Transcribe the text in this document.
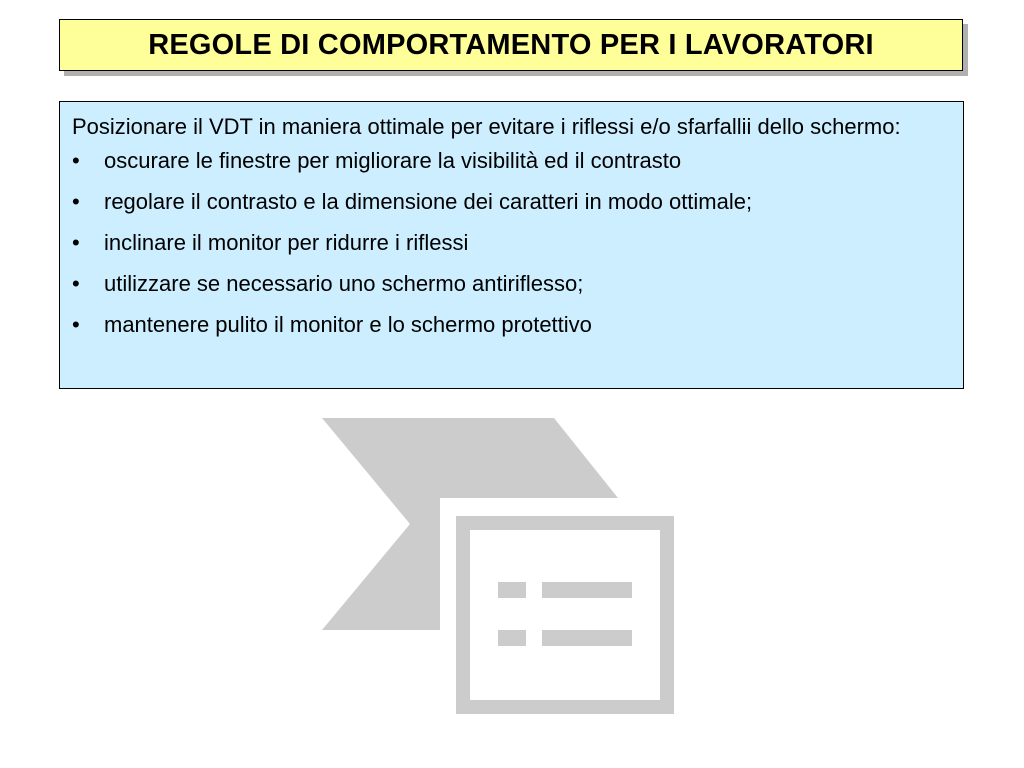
REGOLE DI COMPORTAMENTO PER I LAVORATORI

Posizionare il VDT in maniera ottimale per evitare i riflessi e/o sfarfallii dello schermo:

•	oscurare le finestre per migliorare la visibilità ed il contrasto
•	regolare il contrasto e la dimensione dei caratteri in modo ottimale;
•	inclinare il monitor per ridurre i riflessi
•	utilizzare se necessario uno schermo antiriflesso;
•	mantenere pulito il monitor e lo schermo protettivo
